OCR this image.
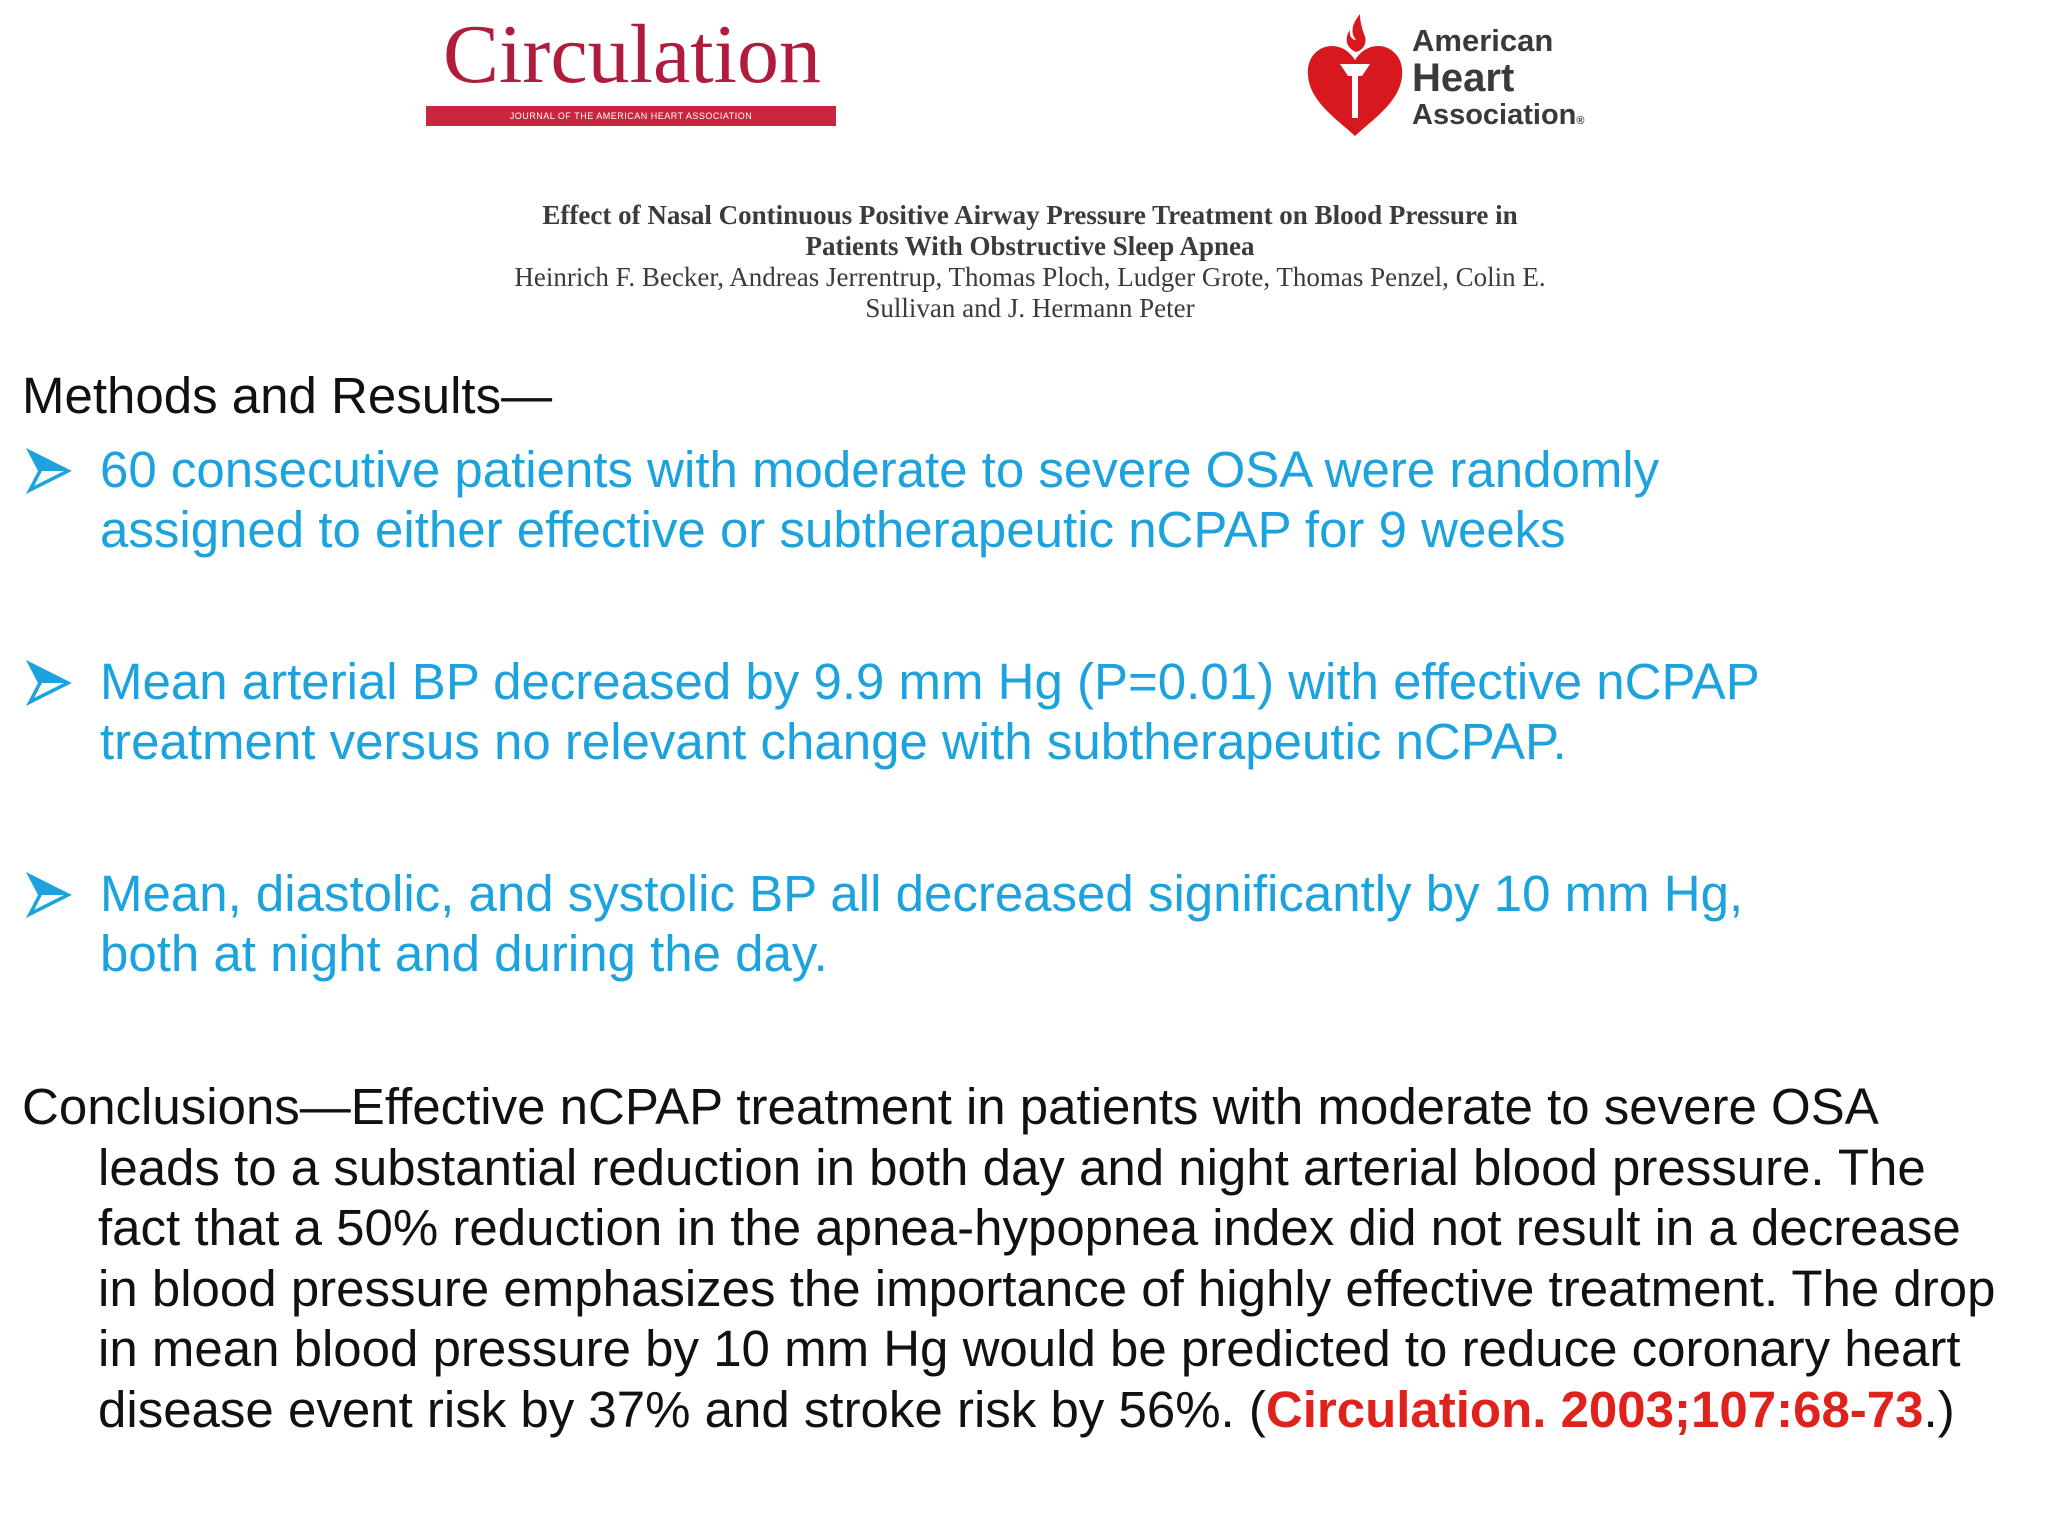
Circulation
JOURNAL OF THE AMERICAN HEART ASSOCIATION
American
Heart
Association®

Effect of Nasal Continuous Positive Airway Pressure Treatment on Blood Pressure in

Patients With Obstructive Sleep Apnea

Heinrich F. Becker, Andreas Jerrentrup, Thomas Ploch, Ludger Grote, Thomas Penzel, Colin E.

Sullivan and J. Hermann Peter

Methods and Results—

60 consecutive patients with moderate to severe OSA were randomly
assigned to either effective or subtherapeutic nCPAP for 9 weeks

Mean arterial BP decreased by 9.9 mm Hg (P=0.01) with effective nCPAP
treatment versus no relevant change with subtherapeutic nCPAP.

Mean, diastolic, and systolic BP all decreased significantly by 10 mm Hg,
both at night and during the day.

Conclusions—Effective nCPAP treatment in patients with moderate to severe OSA leads to a substantial reduction in both day and night arterial blood pressure. The fact that a 50% reduction in the apnea-hypopnea index did not result in a decrease in blood pressure emphasizes the importance of highly effective treatment. The drop in mean blood pressure by 10 mm Hg would be predicted to reduce coronary heart disease event risk by 37% and stroke risk by 56%. (Circulation. 2003;107:68-73.)
